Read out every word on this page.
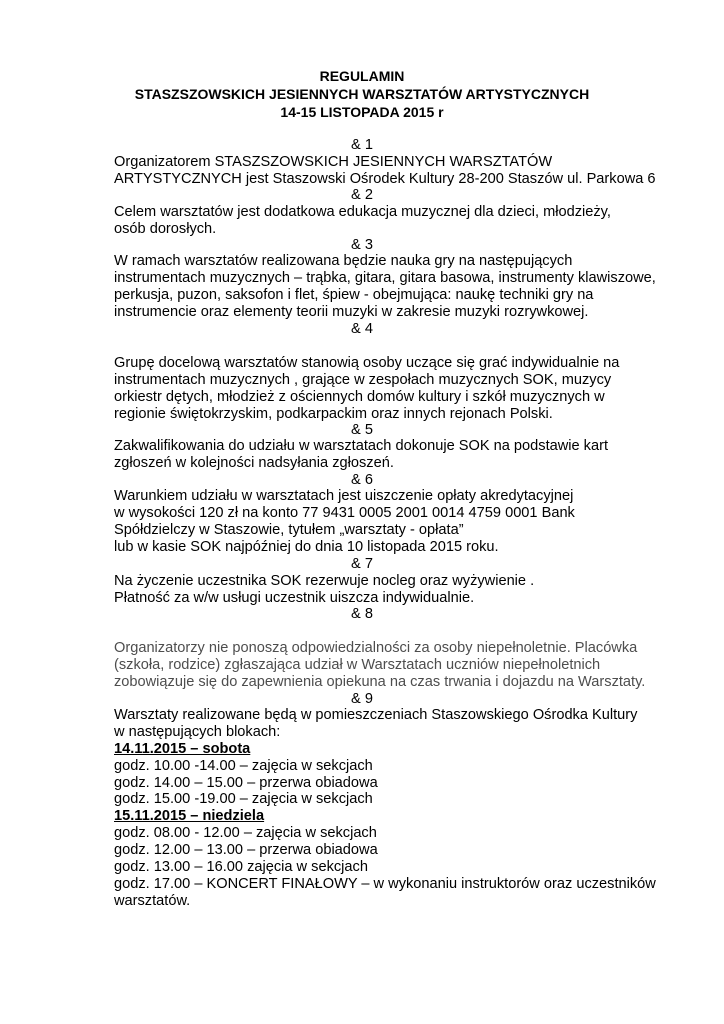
REGULAMIN
STASZSZOWSKICH JESIENNYCH WARSZTATÓW ARTYSTYCZNYCH
14-15 LISTOPADA 2015 r
& 1
Organizatorem STASZSZOWSKICH JESIENNYCH WARSZTATÓW
ARTYSTYCZNYCH jest Staszowski Ośrodek Kultury 28-200 Staszów ul. Parkowa 6
& 2
Celem warsztatów jest dodatkowa edukacja muzycznej dla dzieci, młodzieży,
osób dorosłych.
& 3
W ramach warsztatów realizowana będzie nauka gry na następujących
instrumentach muzycznych – trąbka, gitara, gitara basowa, instrumenty klawiszowe,
perkusja, puzon, saksofon i flet, śpiew - obejmująca: naukę techniki gry na
instrumencie oraz elementy teorii muzyki w zakresie muzyki rozrywkowej.
& 4
Grupę docelową warsztatów stanowią osoby uczące się grać indywidualnie na
instrumentach muzycznych , grające w zespołach muzycznych SOK, muzycy
orkiestr dętych, młodzież z ościennych domów kultury i szkół muzycznych w
regionie świętokrzyskim, podkarpackim oraz innych rejonach Polski.
& 5
Zakwalifikowania do udziału w warsztatach dokonuje SOK na podstawie kart
zgłoszeń w kolejności nadsyłania zgłoszeń.
& 6
Warunkiem udziału w warsztatach jest uiszczenie opłaty akredytacyjnej
w wysokości 120 zł na konto 77 9431 0005 2001 0014 4759 0001 Bank
Spółdzielczy w Staszowie, tytułem „warsztaty - opłata”
lub w kasie SOK najpóźniej do dnia 10 listopada 2015 roku.
& 7
Na życzenie uczestnika SOK rezerwuje nocleg oraz wyżywienie .
Płatność za w/w usługi uczestnik uiszcza indywidualnie.
& 8
Organizatorzy nie ponoszą odpowiedzialności za osoby niepełnoletnie. Placówka
(szkoła, rodzice) zgłaszająca udział w Warsztatach uczniów niepełnoletnich
zobowiązuje się do zapewnienia opiekuna na czas trwania i dojazdu na Warsztaty.
& 9
Warsztaty realizowane będą w pomieszczeniach Staszowskiego Ośrodka Kultury
w następujących blokach:
14.11.2015 – sobota
godz. 10.00 -14.00 – zajęcia w sekcjach
godz. 14.00 – 15.00 – przerwa obiadowa
godz. 15.00 -19.00 – zajęcia w sekcjach
15.11.2015 – niedziela
godz. 08.00 - 12.00 – zajęcia w sekcjach
godz. 12.00 – 13.00 – przerwa obiadowa
godz. 13.00 – 16.00 zajęcia w sekcjach
godz. 17.00 – KONCERT FINAŁOWY – w wykonaniu instruktorów oraz uczestników
warsztatów.
